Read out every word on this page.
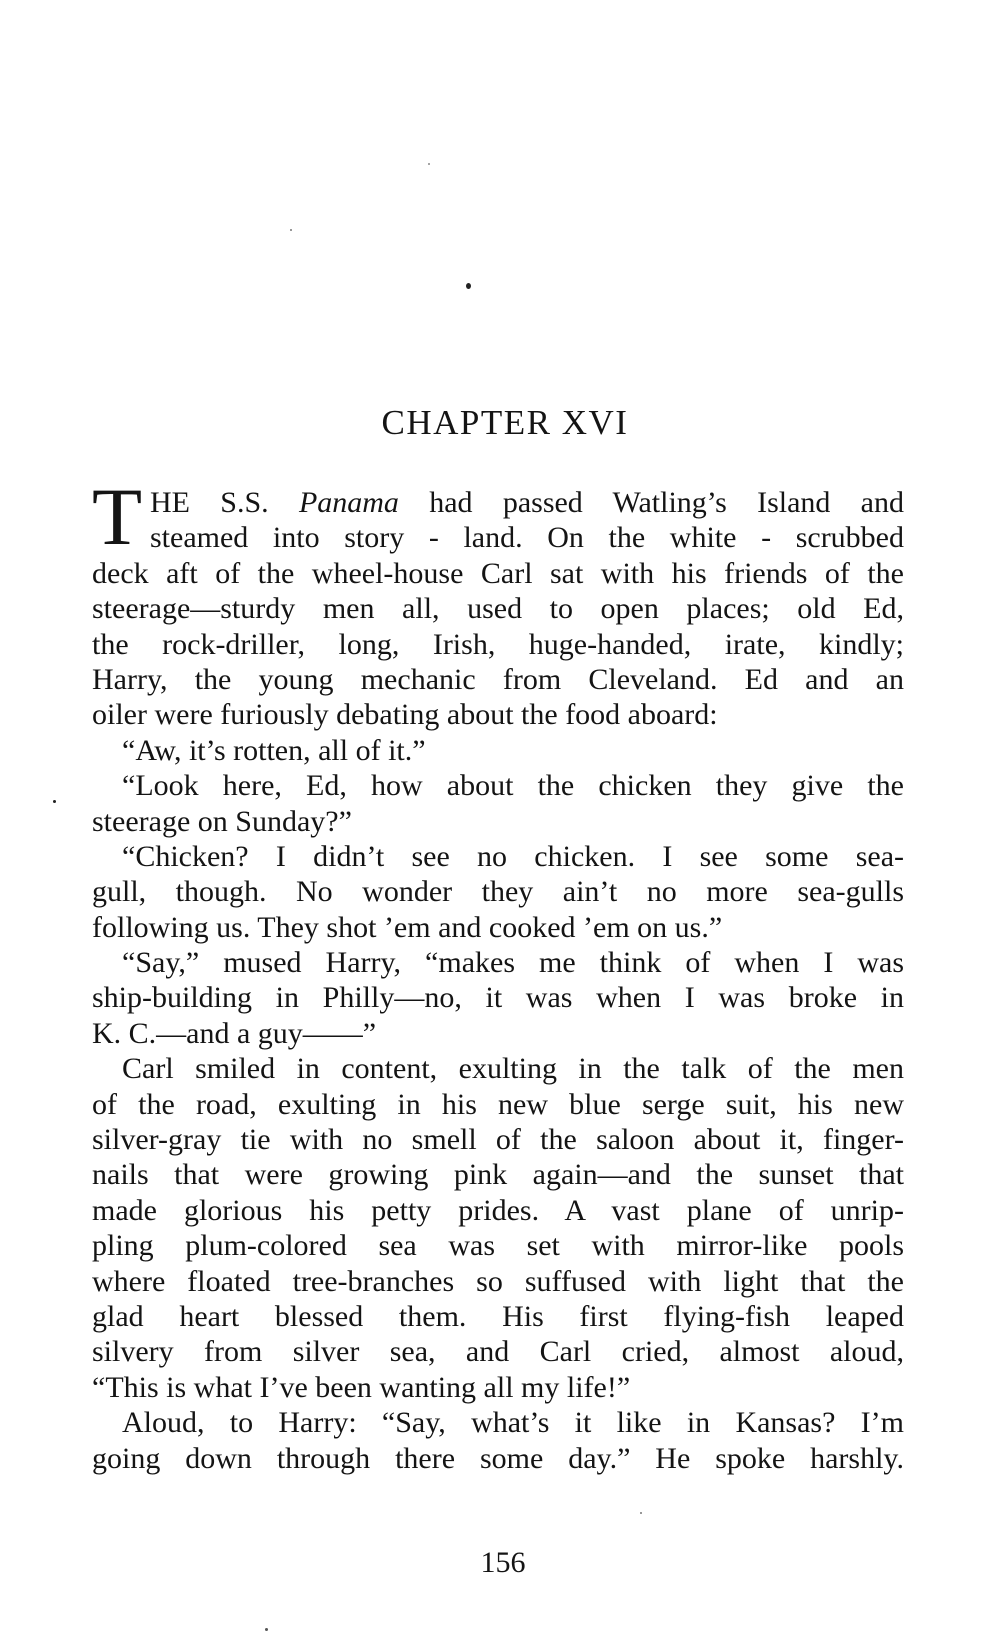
CHAPTER XVI
T HE S.S. Panama had passed Watling’s Island and
steamed into story - land. On the white - scrubbed
deck aft of the wheel-house Carl sat with his friends of the
steerage—sturdy men all, used to open places; old Ed,
the rock-driller, long, Irish, huge-handed, irate, kindly;
Harry, the young mechanic from Cleveland. Ed and an
oiler were furiously debating about the food aboard:
“Aw, it’s rotten, all of it.”
“Look here, Ed, how about the chicken they give the
steerage on Sunday?”
“Chicken? I didn’t see no chicken. I see some sea-
gull, though. No wonder they ain’t no more sea-gulls
following us. They shot ’em and cooked ’em on us.”
“Say,” mused Harry, “makes me think of when I was
ship-building in Philly—no, it was when I was broke in
K. C.—and a guy——”
Carl smiled in content, exulting in the talk of the men
of the road, exulting in his new blue serge suit, his new
silver-gray tie with no smell of the saloon about it, finger-
nails that were growing pink again—and the sunset that
made glorious his petty prides. A vast plane of unrip-
pling plum-colored sea was set with mirror-like pools
where floated tree-branches so suffused with light that the
glad heart blessed them. His first flying-fish leaped
silvery from silver sea, and Carl cried, almost aloud,
“This is what I’ve been wanting all my life!”
Aloud, to Harry: “Say, what’s it like in Kansas? I’m
going down through there some day.” He spoke harshly.
156
